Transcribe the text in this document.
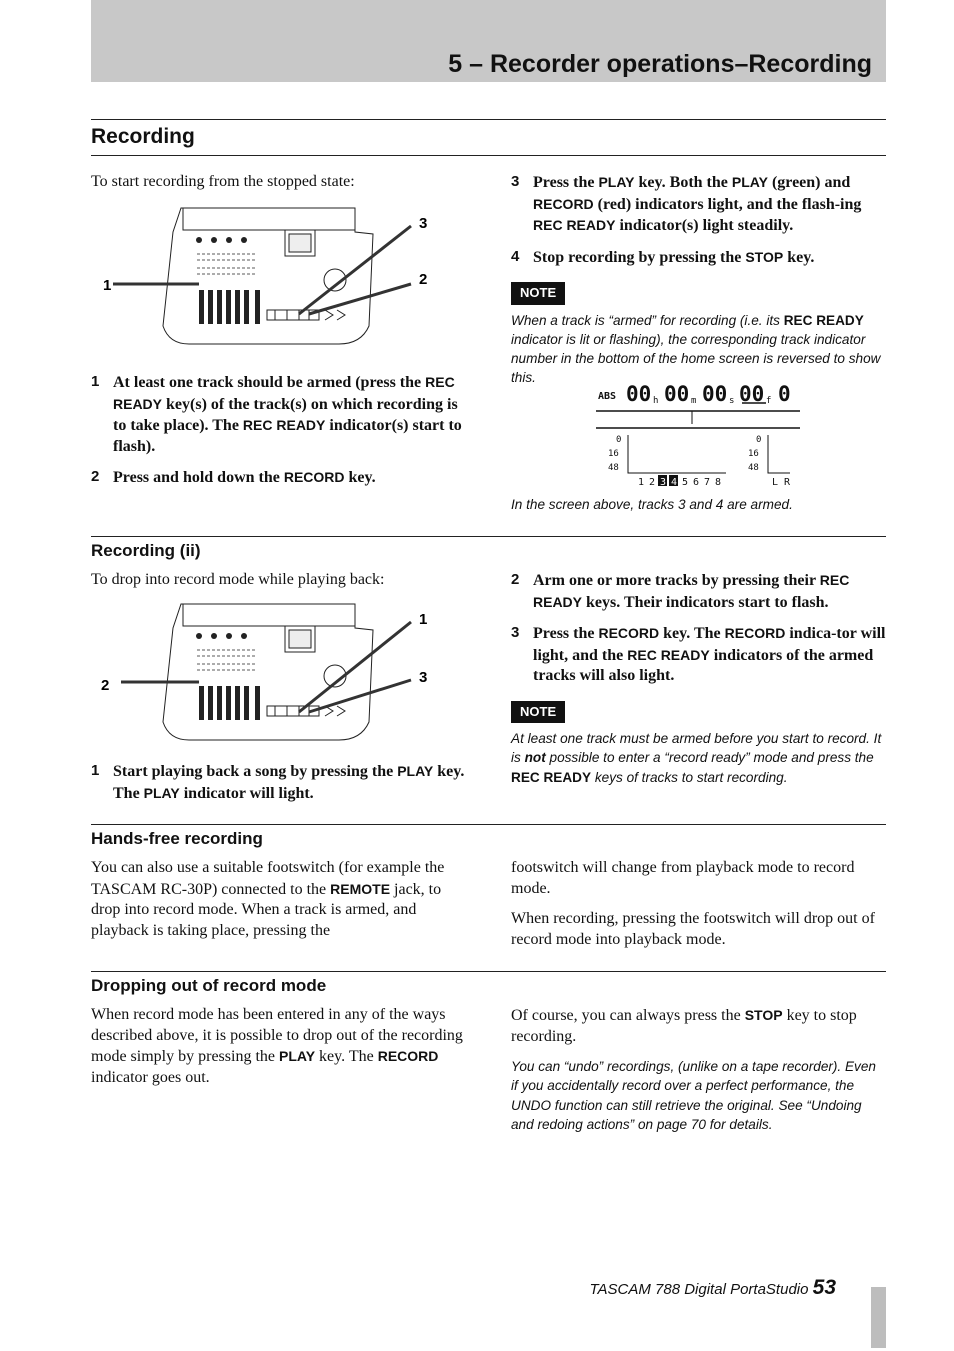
5 – Recorder operations–Recording
Recording
To start recording from the stopped state:
1	2
3
1 At least one track should be armed (press the REC READY key(s) of the track(s) on which recording is to take place). The REC READY indicator(s) start to flash).
2 Press and hold down the RECORD key.
3 Press the PLAY key. Both the PLAY (green) and RECORD (red) indicators light, and the flash-ing REC READY indicator(s) light steadily.
4 Stop recording by pressing the STOP key.
NOTE
When a track is “armed” for recording (i.e. its REC READY indicator is lit or flashing), the corresponding track indicator number in the bottom of the home screen is reversed to show this.
ABS 00 h 00 m 00 s 00 f 0
0
16
48
0
16
48
1 2 3 4 5 6 7 8	L R
In the screen above, tracks 3 and 4 are armed.
Recording (ii)
To drop into record mode while playing back:
2
1
3
1 Start playing back a song by pressing the PLAY key. The PLAY indicator will light.
2 Arm one or more tracks by pressing their REC READY keys. Their indicators start to flash.
3 Press the RECORD key. The RECORD indica-tor will light, and the REC READY indicators of the armed tracks will also light.
NOTE
At least one track must be armed before you start to record. It is not possible to enter a “record ready” mode and press the REC READY keys of tracks to start recording.
Hands-free recording
You can also use a suitable footswitch (for example the TASCAM RC-30P) connected to the REMOTE jack, to drop into record mode. When a track is armed, and playback is taking place, pressing the
footswitch will change from playback mode to record mode.
When recording, pressing the footswitch will drop out of record mode into playback mode.
Dropping out of record mode
When record mode has been entered in any of the ways described above, it is possible to drop out of the recording mode simply by pressing the PLAY key. The RECORD indicator goes out.
Of course, you can always press the STOP key to stop recording.
You can “undo” recordings, (unlike on a tape recorder). Even if you accidentally record over a perfect performance, the UNDO function can still retrieve the original. See “Undoing and redoing actions” on page 70 for details.
TASCAM 788 Digital PortaStudio 53
